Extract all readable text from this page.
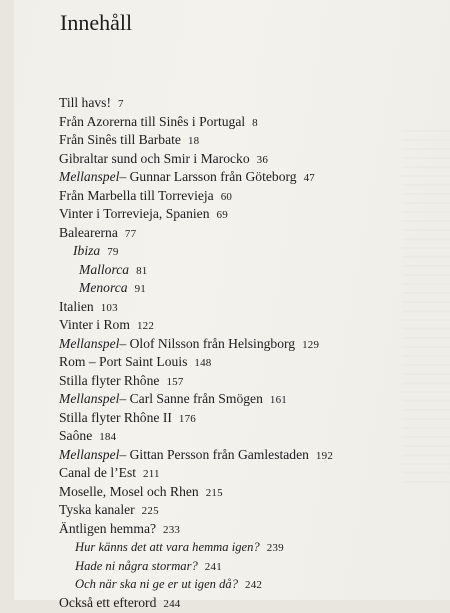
Innehåll
Till havs! 7
Från Azorerna till Sinês i Portugal 8
Från Sinês till Barbate 18
Gibraltar sund och Smir i Marocko 36
Mellanspel– Gunnar Larsson från Göteborg 47
Från Marbella till Torrevieja 60
Vinter i Torrevieja, Spanien 69
Balearerna 77
Ibiza 79
Mallorca 81
Menorca 91
Italien 103
Vinter i Rom 122
Mellanspel– Olof Nilsson från Helsingborg 129
Rom – Port Saint Louis 148
Stilla flyter Rhône 157
Mellanspel– Carl Sanne från Smögen 161
Stilla flyter Rhône II 176
Saône 184
Mellanspel– Gittan Persson från Gamlestaden 192
Canal de l’Est 211
Moselle, Mosel och Rhen 215
Tyska kanaler 225
Äntligen hemma? 233
Hur känns det att vara hemma igen? 239
Hade ni några stormar? 241
Och när ska ni ge er ut igen då? 242
Också ett efterord 244
